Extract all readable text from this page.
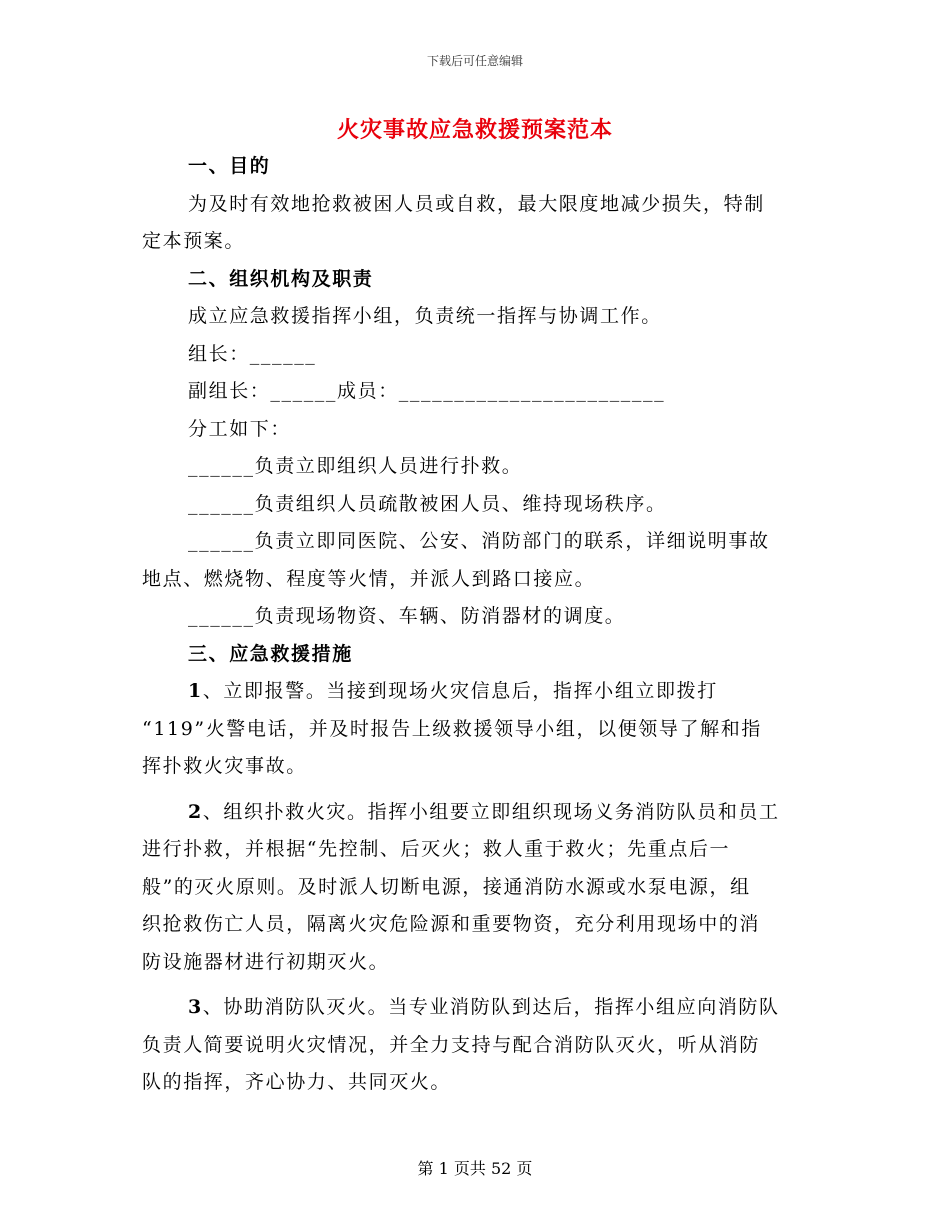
下载后可任意编辑
火灾事故应急救援预案范本
一、目的
为及时有效地抢救被困人员或自救，最大限度地减少损失，特制
定本预案。
二、组织机构及职责
成立应急救援指挥小组，负责统一指挥与协调工作。
组长：______
副组长：______成员：________________________
分工如下：
______负责立即组织人员进行扑救。
______负责组织人员疏散被困人员、维持现场秩序。
______负责立即同医院、公安、消防部门的联系，详细说明事故
地点、燃烧物、程度等火情，并派人到路口接应。
______负责现场物资、车辆、防消器材的调度。
三、应急救援措施
1、立即报警。当接到现场火灾信息后，指挥小组立即拨打
“119”火警电话，并及时报告上级救援领导小组，以便领导了解和指
挥扑救火灾事故。
2、组织扑救火灾。指挥小组要立即组织现场义务消防队员和员工
进行扑救，并根据“先控制、后灭火；救人重于救火；先重点后一
般”的灭火原则。及时派人切断电源，接通消防水源或水泵电源，组
织抢救伤亡人员，隔离火灾危险源和重要物资，充分利用现场中的消
防设施器材进行初期灭火。
3、协助消防队灭火。当专业消防队到达后，指挥小组应向消防队
负责人简要说明火灾情况，并全力支持与配合消防队灭火，听从消防
队的指挥，齐心协力、共同灭火。
第 1 页共 52 页
